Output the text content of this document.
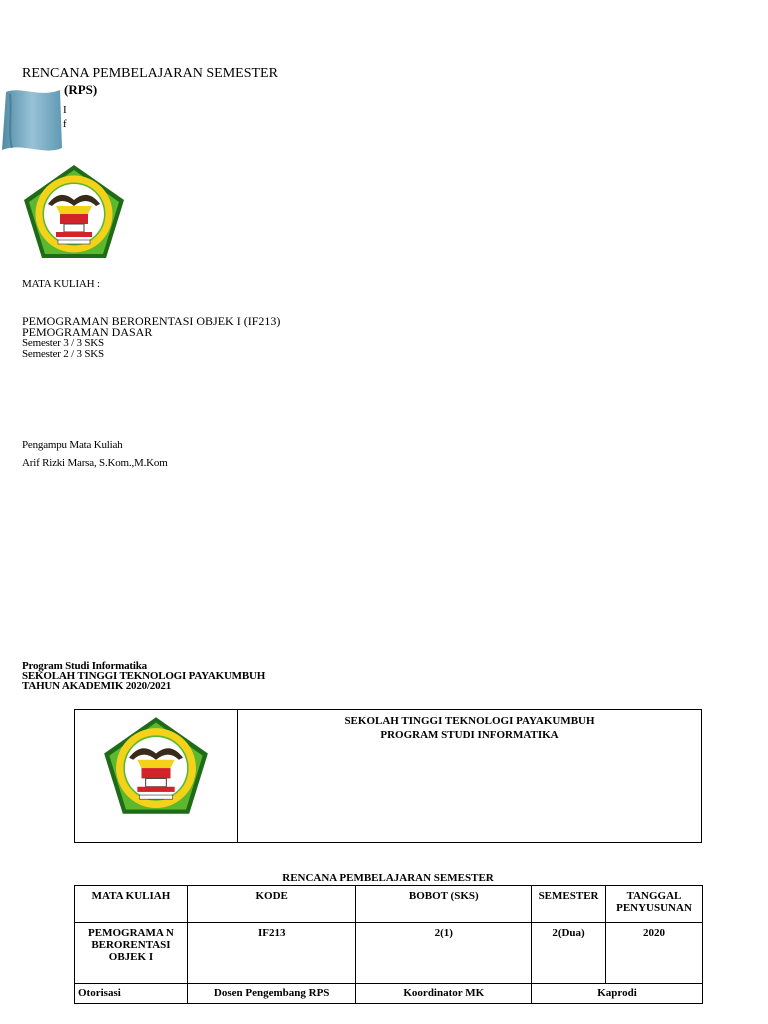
RENCANA PEMBELAJARAN SEMESTER
(RPS)
I
f
MATA KULIAH :
PEMOGRAMAN BERORENTASI OBJEK I (IF213)
PEMOGRAMAN DASAR
Semester 3 / 3 SKS
Semester 2 / 3 SKS
Pengampu Mata Kuliah
Arif Rizki Marsa, S.Kom.,M.Kom
Program Studi Informatika
SEKOLAH TINGGI TEKNOLOGI PAYAKUMBUH
TAHUN AKADEMIK 2020/2021
SEKOLAH TINGGI TEKNOLOGI PAYAKUMBUH
PROGRAM STUDI INFORMATIKA
RENCANA PEMBELAJARAN SEMESTER
MATA KULIAH	KODE	BOBOT (SKS)	SEMESTER	TANGGAL PENYUSUNAN
PEMOGRAMA N BERORENTASI OBJEK I	IF213	2(1)	2(Dua)	2020
Otorisasi	Dosen Pengembang RPS	Koordinator MK	Kaprodi	
